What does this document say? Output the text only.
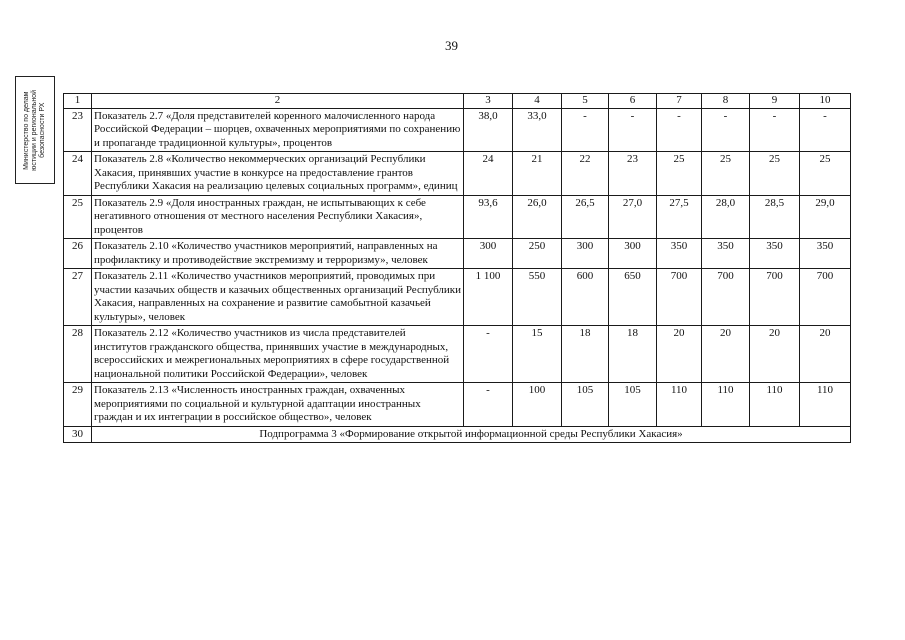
39
Министерство по делам юстиции и региональной безопасности РХ
1	2	3	4	5	6	7	8	9	10
23	Показатель 2.7 «Доля представителей коренного малочисленного народа Российской Федерации – шорцев, охваченных мероприятиями по сохранению и пропаганде традиционной культуры», процентов	38,0	33,0	-	-	-	-	-	-
24	Показатель 2.8 «Количество некоммерческих организаций Республики Хакасия, принявших участие в конкурсе на предоставление грантов Республики Хакасия на реализацию целевых социальных программ», единиц	24	21	22	23	25	25	25	25
25	Показатель 2.9 «Доля иностранных граждан, не испытывающих к себе негативного отношения от местного населения Республики Хакасия», процентов	93,6	26,0	26,5	27,0	27,5	28,0	28,5	29,0
26	Показатель 2.10 «Количество участников мероприятий, направленных на профилактику и противодействие экстремизму и терроризму», человек	300	250	300	300	350	350	350	350
27	Показатель 2.11 «Количество участников мероприятий, проводимых при участии казачьих обществ и казачьих общественных организаций Республики Хакасия, направленных на сохранение и развитие самобытной казачьей культуры», человек	1 100	550	600	650	700	700	700	700
28	Показатель 2.12 «Количество участников из числа представителей институтов гражданского общества, принявших участие в международных, всероссийских и межрегиональных мероприятиях в сфере государственной национальной политики Российской Федерации», человек	-	15	18	18	20	20	20	20
29	Показатель 2.13 «Численность иностранных граждан, охваченных мероприятиями по социальной и культурной адаптации иностранных граждан и их интеграции в российское общество», человек	-	100	105	105	110	110	110	110
30	Подпрограмма 3 «Формирование открытой информационной среды Республики Хакасия»								
